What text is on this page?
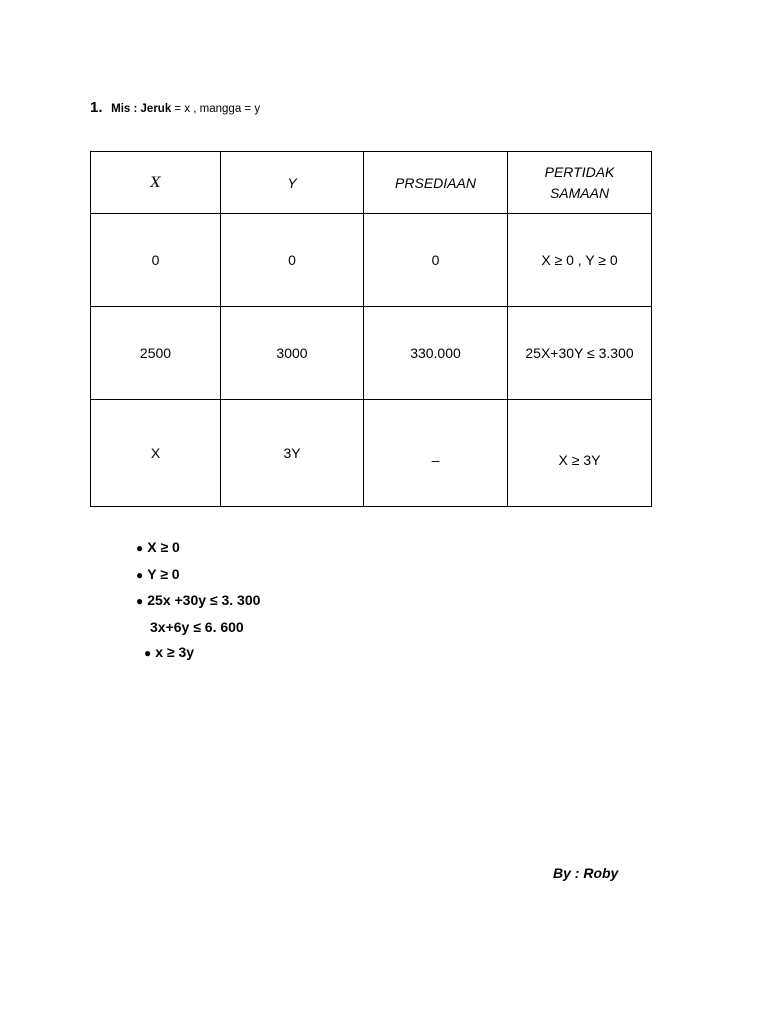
1. Mis : Jeruk = x , mangga = y
X	Y	PRSEDIAAN	PERTIDAK
SAMAAN
0	0	0	X ≥ 0 , Y ≥ 0
2500	3000	330.000	25X+30Y ≤ 3.300
X	3Y	–	X ≥ 3Y
● X ≥ 0
● Y ≥ 0
● 25x +30y ≤ 3. 300
3x+6y ≤ 6. 600
● x ≥ 3y
By : Roby
